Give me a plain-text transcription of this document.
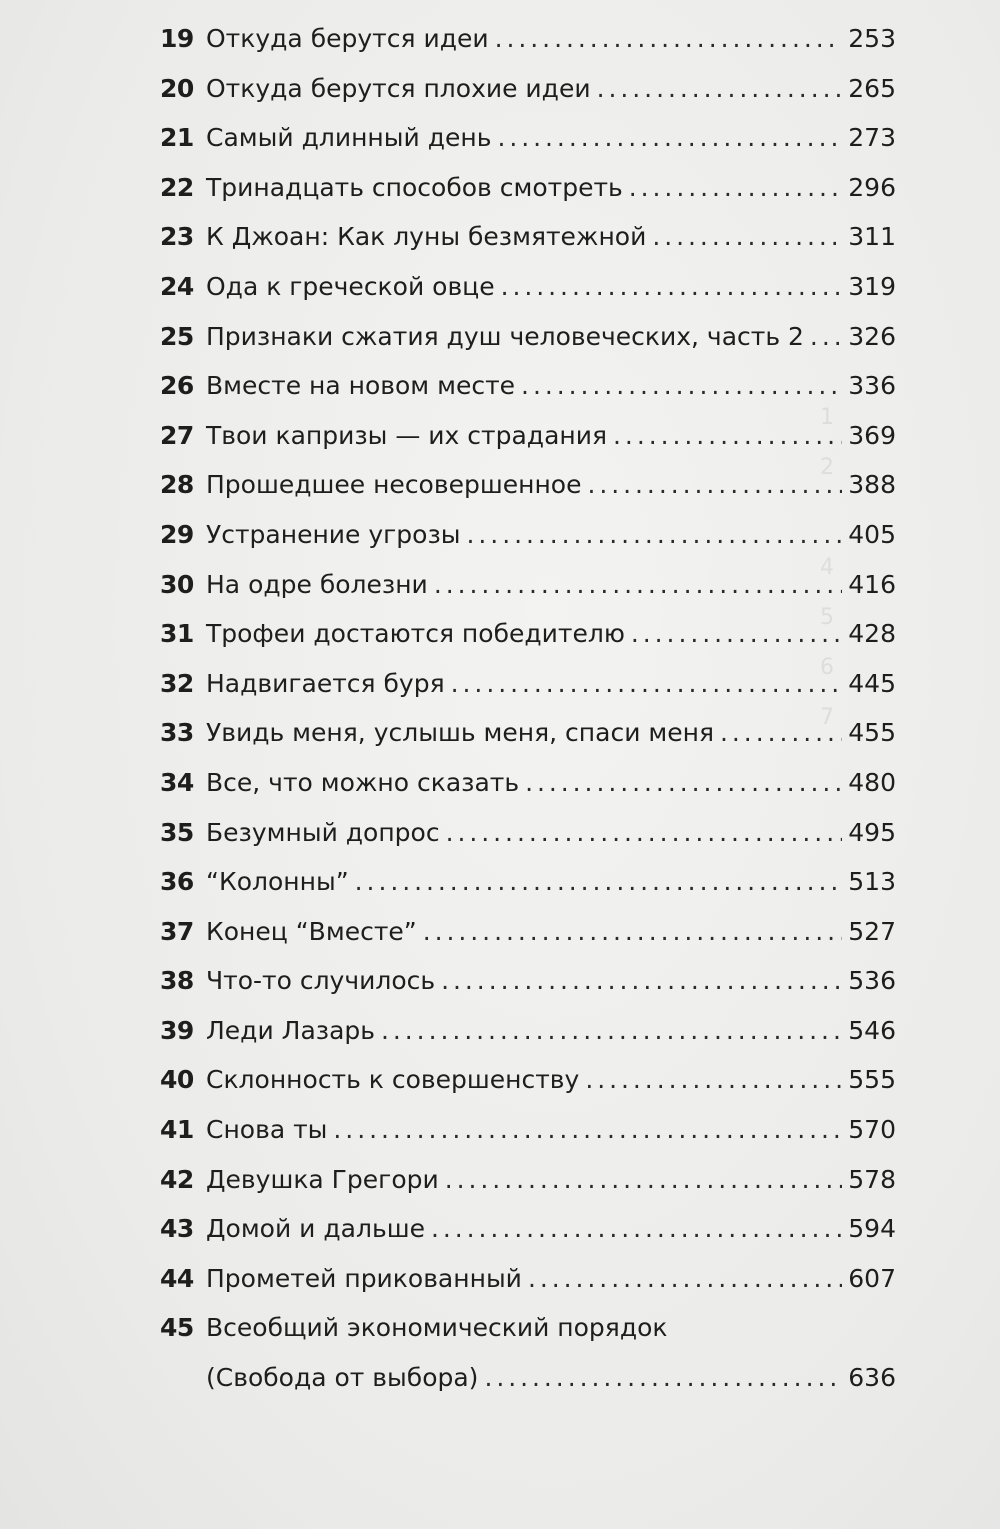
1
2
4
5
6
7
19 Откуда берутся идеи . . .	253
20 Откуда берутся плохие идеи . . .	265
21 Самый длинный день . . .	273
22 Тринадцать способов смотреть . . .	296
23 К Джоан: Как луны безмятежной . . .	311
24 Ода к греческой овце . . .	319
25 Признаки сжатия душ человеческих, часть 2 . . . 326
26 Вместе на новом месте . . .	336
27 Твои капризы — их страдания . . .	369
28 Прошедшее несовершенное . . .	388
29 Устранение угрозы . . .	405
30 На одре болезни . . .	416
31 Трофеи достаются победителю . . .	428
32 Надвигается буря . . .	445
33 Увидь меня, услышь меня, спаси меня . . .	455
34 Все, что можно сказать . . .	480
35 Безумный допрос . . .	495
36 “Колонны” . . .	513
37 Конец “Вместе” . . .	527
38 Что-то случилось . . .	536
39 Леди Лазарь . . .	546
40 Склонность к совершенству . . .	555
41 Снова ты . . .	570
42 Девушка Грегори . . .	578
43 Домой и дальше . . .	594
44 Прометей прикованный . . .	607
45 Всеобщий экономический порядок
(Свобода от выбора) . . .	636
